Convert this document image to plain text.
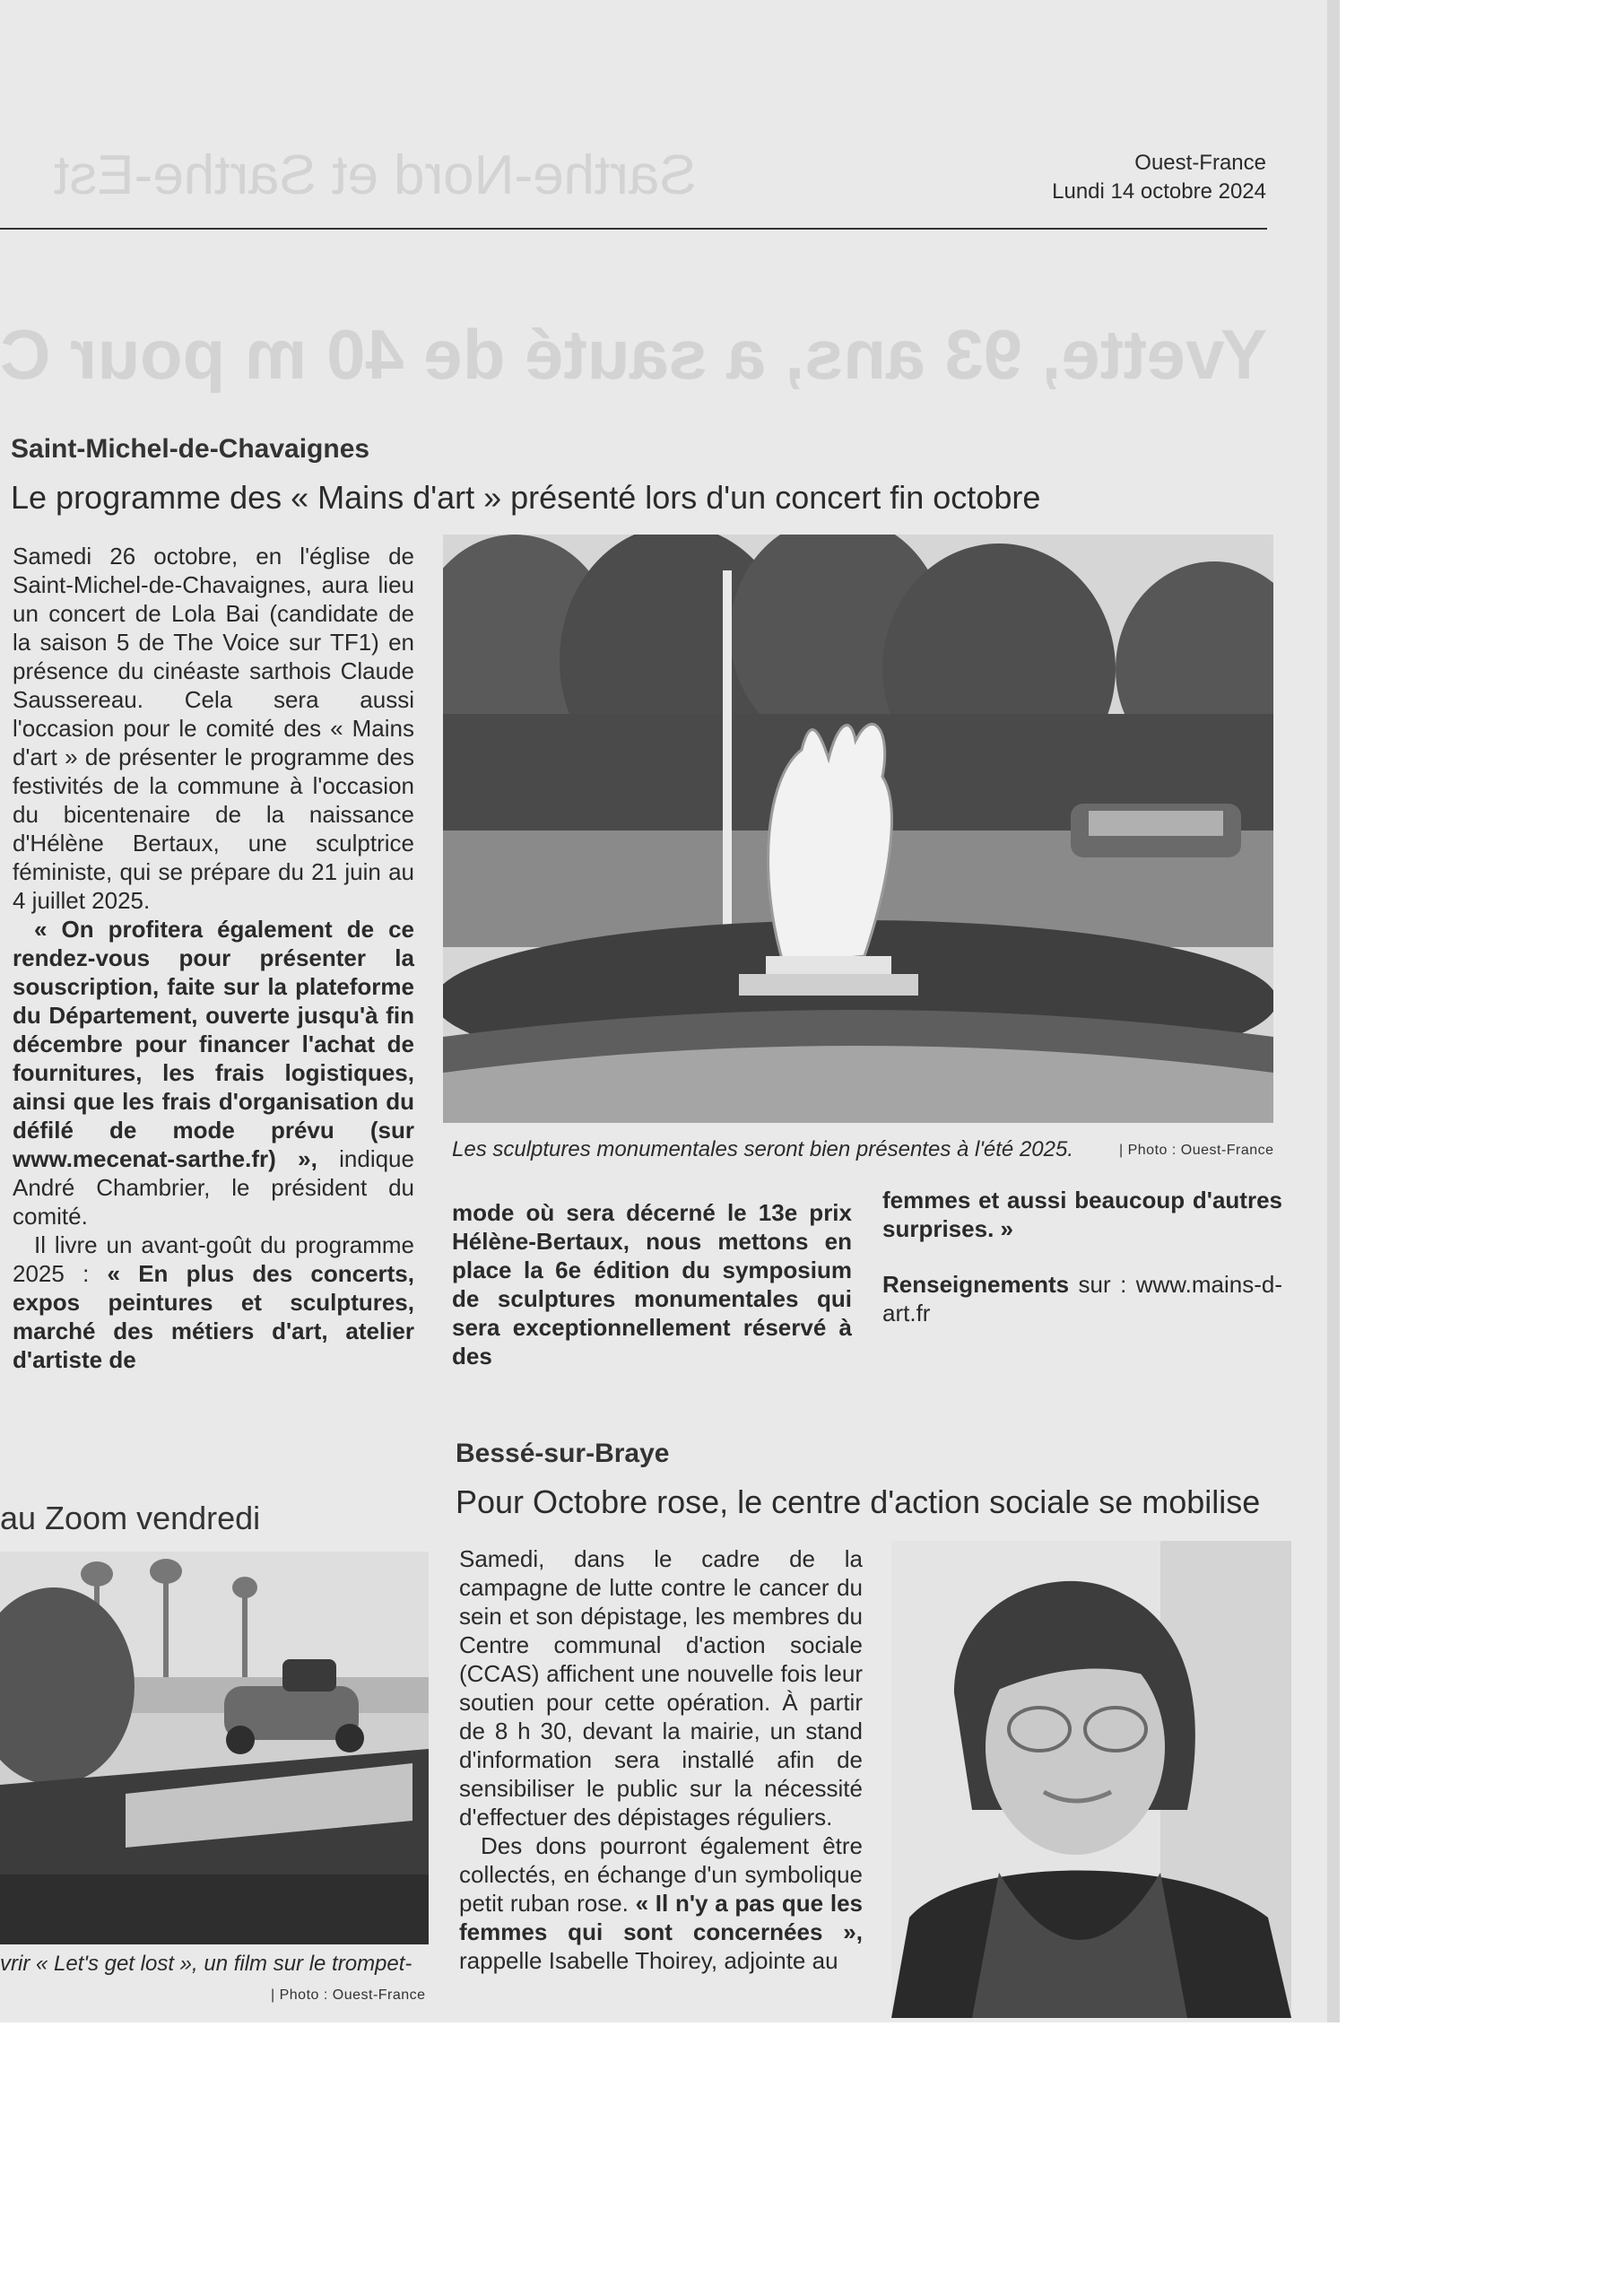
Sarthe-Nord et Sarthe-Est
Yvette, 93 ans, a sauté de 40 m pour C
Ouest-France
Lundi 14 octobre 2024
Saint-Michel-de-Chavaignes
Le programme des « Mains d'art » présenté lors d'un concert fin octobre

Samedi 26 octobre, en l'église de Saint-Michel-de-Chavaignes, aura lieu un concert de Lola Bai (candidate de la saison 5 de The Voice sur TF1) en présence du cinéaste sarthois Claude Saussereau. Cela sera aussi l'occasion pour le comité des « Mains d'art » de présenter le programme des festivités de la commune à l'occasion du bicentenaire de la naissance d'Hélène Bertaux, une sculptrice féministe, qui se prépare du 21 juin au 4 juillet 2025.

« On profitera également de ce rendez-vous pour présenter la souscription, faite sur la plateforme du Département, ouverte jusqu'à fin décembre pour financer l'achat de fournitures, les frais logistiques, ainsi que les frais d'organisation du défilé de mode prévu (sur www.mecenat-sarthe.fr) », indique André Chambrier, le président du comité.

Il livre un avant-goût du programme 2025 : « En plus des concerts, expos peintures et sculptures, marché des métiers d'art, atelier d'artiste de

Les sculptures monumentales seront bien présentes à l'été 2025.	| Photo : Ouest-France

mode où sera décerné le 13e prix Hélène-Bertaux, nous mettons en place la 6e édition du symposium de sculptures monumentales qui sera exceptionnellement réservé à des

femmes et aussi beaucoup d'autres surprises. »

Renseignements sur : www.mains-d-art.fr

au Zoom vendredi
vrir « Let's get lost », un film sur le trompet-
| Photo : Ouest-France
Bessé-sur-Braye
Pour Octobre rose, le centre d'action sociale se mobilise

Samedi, dans le cadre de la campagne de lutte contre le cancer du sein et son dépistage, les membres du Centre communal d'action sociale (CCAS) affichent une nouvelle fois leur soutien pour cette opération. À partir de 8 h 30, devant la mairie, un stand d'information sera installé afin de sensibiliser le public sur la nécessité d'effectuer des dépistages réguliers.

Des dons pourront également être collectés, en échange d'un symbolique petit ruban rose. « Il n'y a pas que les femmes qui sont concernées », rappelle Isabelle Thoirey, adjointe au
